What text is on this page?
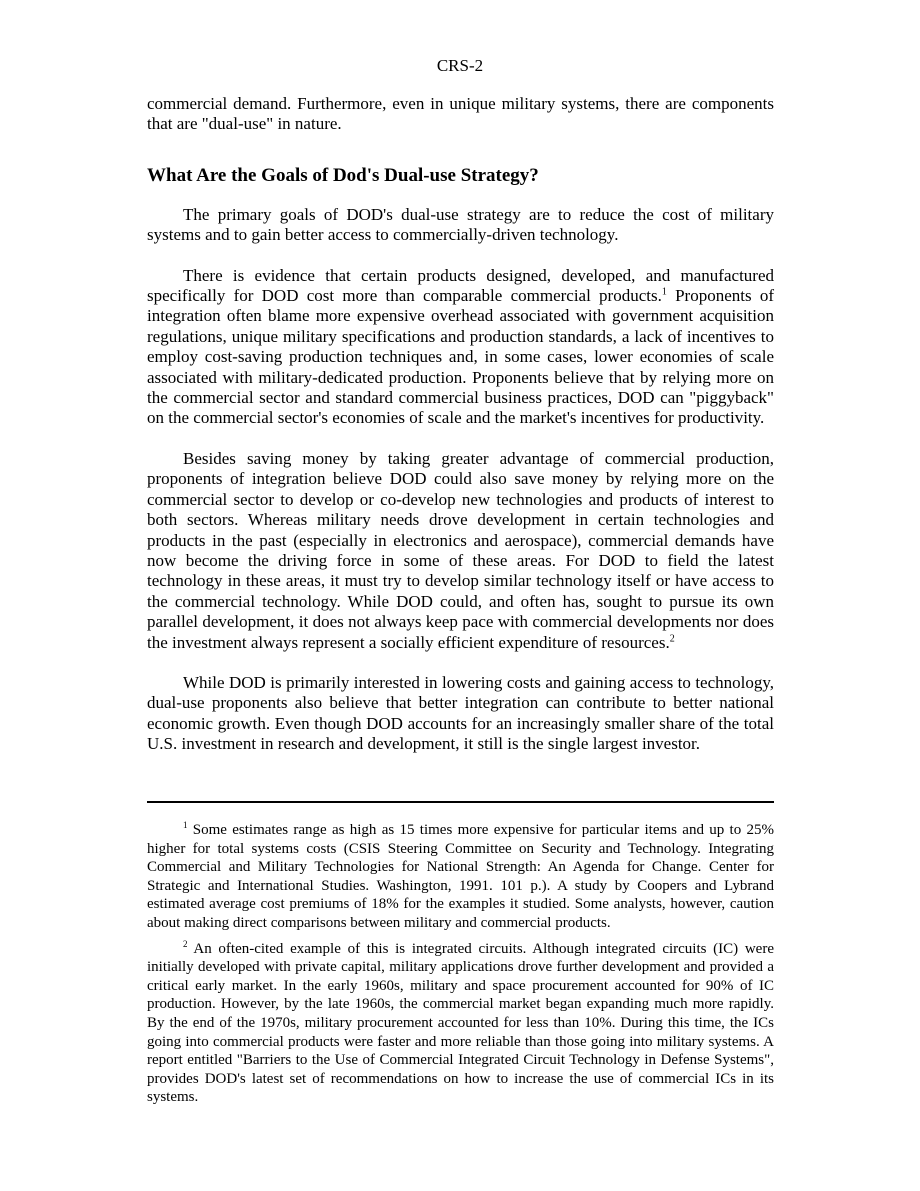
CRS-2

commercial demand. Furthermore, even in unique military systems, there are components that are "dual-use" in nature.

What Are the Goals of Dod's Dual-use Strategy?

The primary goals of DOD's dual-use strategy are to reduce the cost of military systems and to gain better access to commercially-driven technology.

There is evidence that certain products designed, developed, and manufactured specifically for DOD cost more than comparable commercial products.$^1$ Proponents of integration often blame more expensive overhead associated with government acquisition regulations, unique military specifications and production standards, a lack of incentives to employ cost-saving production techniques and, in some cases, lower economies of scale associated with military-dedicated production. Proponents believe that by relying more on the commercial sector and standard commercial business practices, DOD can "piggyback" on the commercial sector's economies of scale and the market's incentives for productivity.

Besides saving money by taking greater advantage of commercial production, proponents of integration believe DOD could also save money by relying more on the commercial sector to develop or co-develop new technologies and products of interest to both sectors. Whereas military needs drove development in certain technologies and products in the past (especially in electronics and aerospace), commercial demands have now become the driving force in some of these areas. For DOD to field the latest technology in these areas, it must try to develop similar technology itself or have access to the commercial technology. While DOD could, and often has, sought to pursue its own parallel development, it does not always keep pace with commercial developments nor does the investment always represent a socially efficient expenditure of resources.$^2$

While DOD is primarily interested in lowering costs and gaining access to technology, dual-use proponents also believe that better integration can contribute to better national economic growth. Even though DOD accounts for an increasingly smaller share of the total U.S. investment in research and development, it still is the single largest investor.

$^1$ Some estimates range as high as 15 times more expensive for particular items and up to 25% higher for total systems costs (CSIS Steering Committee on Security and Technology. Integrating Commercial and Military Technologies for National Strength: An Agenda for Change. Center for Strategic and International Studies. Washington, 1991. 101 p.). A study by Coopers and Lybrand estimated average cost premiums of 18% for the examples it studied. Some analysts, however, caution about making direct comparisons between military and commercial products.

$^2$ An often-cited example of this is integrated circuits. Although integrated circuits (IC) were initially developed with private capital, military applications drove further development and provided a critical early market. In the early 1960s, military and space procurement accounted for 90% of IC production. However, by the late 1960s, the commercial market began expanding much more rapidly. By the end of the 1970s, military procurement accounted for less than 10%. During this time, the ICs going into commercial products were faster and more reliable than those going into military systems. A report entitled "Barriers to the Use of Commercial Integrated Circuit Technology in Defense Systems", provides DOD's latest set of recommendations on how to increase the use of commercial ICs in its systems.
